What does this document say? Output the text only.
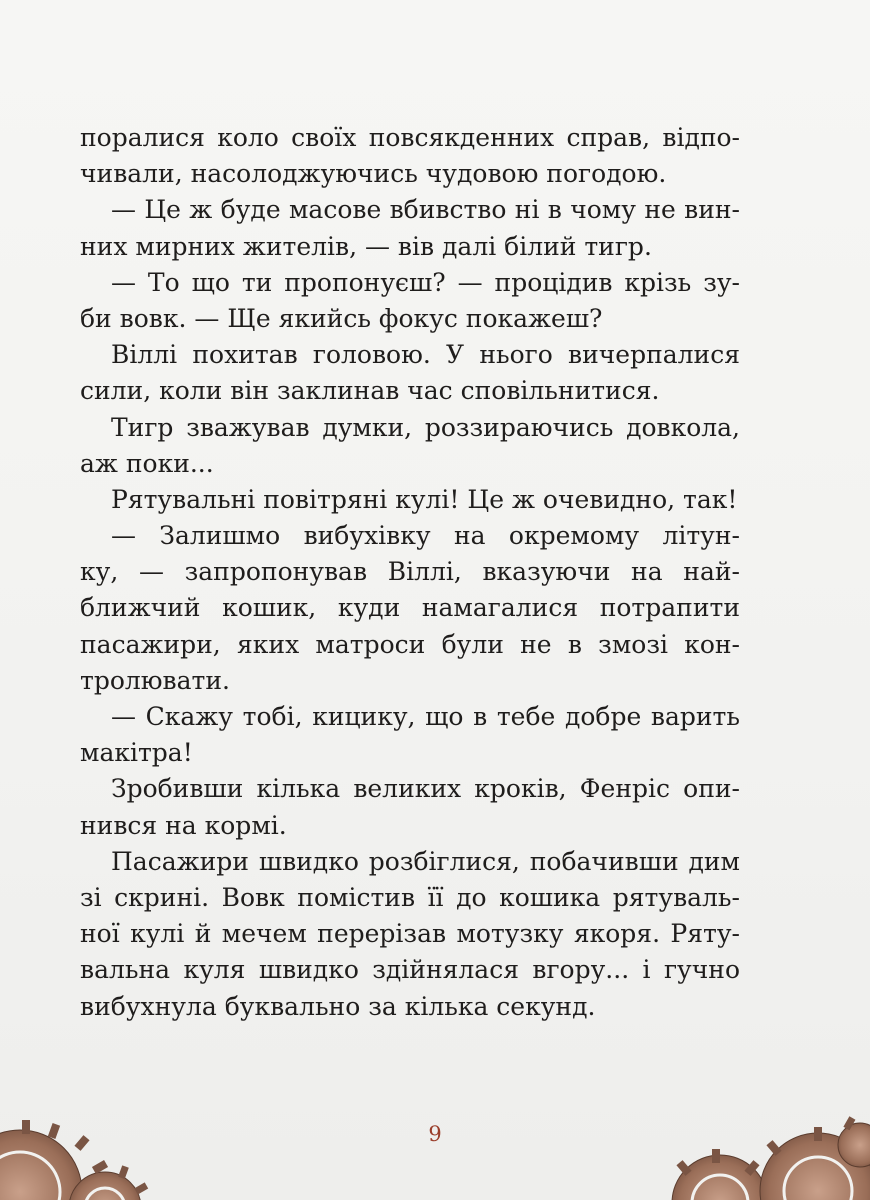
поралися коло своїх повсякденних справ, відпо-
чивали, насолоджуючись чудовою погодою.
— Це ж буде масове вбивство ні в чому не вин-
них мирних жителів, — вів далі білий тигр.
— То що ти пропонуєш? — процідив крізь зу-
би вовк. — Ще якийсь фокус покажеш?
Віллі похитав головою. У нього вичерпалися
сили, коли він заклинав час сповільнитися.
Тигр зважував думки, роззираючись довкола,
аж поки...
Рятувальні повітряні кулі! Це ж очевидно, так!
— Залишмо вибухівку на окремому літун-
ку, — запропонував Віллі, вказуючи на най-
ближчий кошик, куди намагалися потрапити
пасажири, яких матроси були не в змозі кон-
тролювати.
— Скажу тобі, кицику, що в тебе добре варить
макітра!
Зробивши кілька великих кроків, Фенріс опи-
нився на кормі.
Пасажири швидко розбіглися, побачивши дим
зі скрині. Вовк помістив її до кошика рятуваль-
ної кулі й мечем перерізав мотузку якоря. Ряту-
вальна куля швидко здійнялася вгору... і гучно
вибухнула буквально за кілька секунд.
9
